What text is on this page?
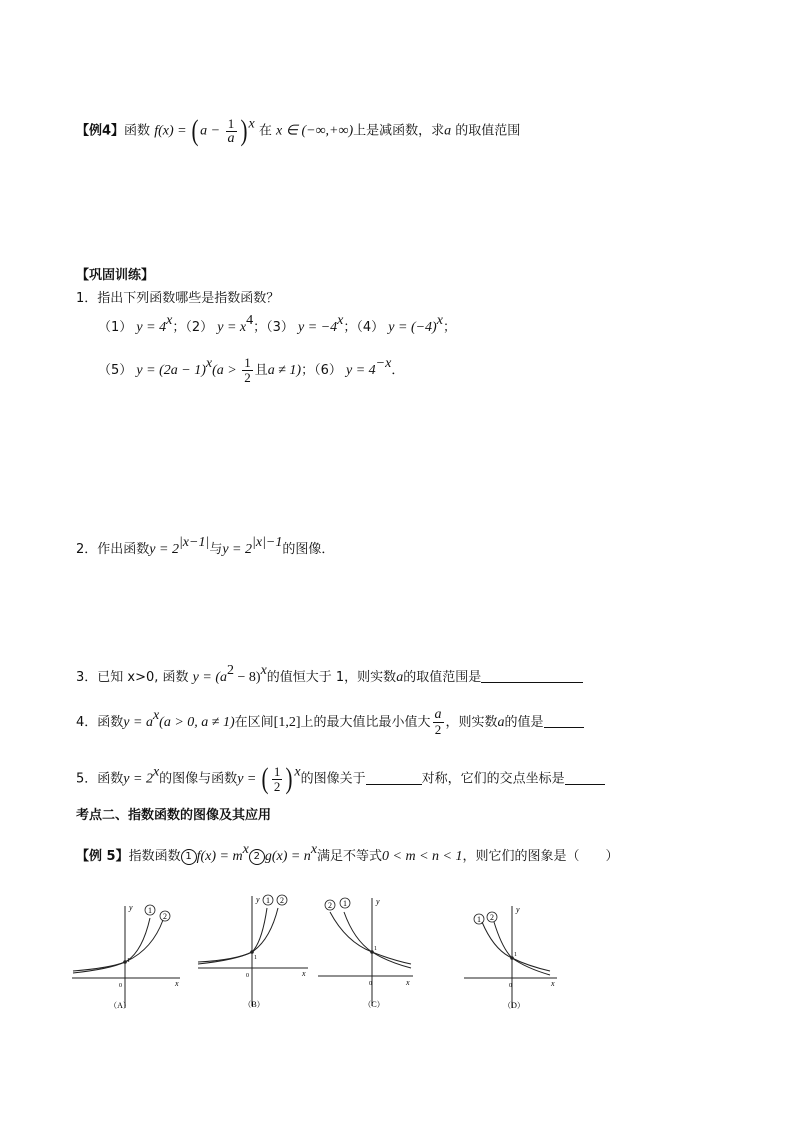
【例4】函数 f(x) = ( $a - \frac{1}{a}$ ) $^x$ 在 x ∈ (−∞,+∞)上是减函数，求a 的取值范围
【巩固训练】
1．指出下列函数哪些是指数函数？
（1） $y = 4^x$；（2） $y = x^4$；（3） $y = -4^x$；（4） $y = (-4)^x$；
（5） $y = (2a - 1)^x(a > \frac{1}{2}$ 且a ≠ 1)；（6） $y = 4^{-x}$．
2．作出函数$y = 2^{|x-1|}$与$y = 2^{|x|-1}$的图像．
3．已知 x>0, 函数 $y = (a^2 - 8)^x$的值恒大于 1，则实数a的取值范围是
4．函数$y = a^x(a > 0$, a ≠ 1)在区间[1,2]上的最大值比最小值大 $\frac{a}{2}$ ，则实数a的值是
5．函数$y = 2^x$的图像与函数y = ( $\frac{1}{2}$ ) $^x$的图像关于	对称，它们的交点坐标是
考点二、指数函数的图像及其应用
【例 5】指数函数 1 $f(x) = m^x$ 2 $g(x) = n^x$满足不等式0 < m < n < 1，则它们的图象是（　　）
1
2
y
x
0
1
（A）
1 2
y
x
0
1
（B）
2 1	y
x
0
1
（C）
1 2
y
x
0
1
（D）
